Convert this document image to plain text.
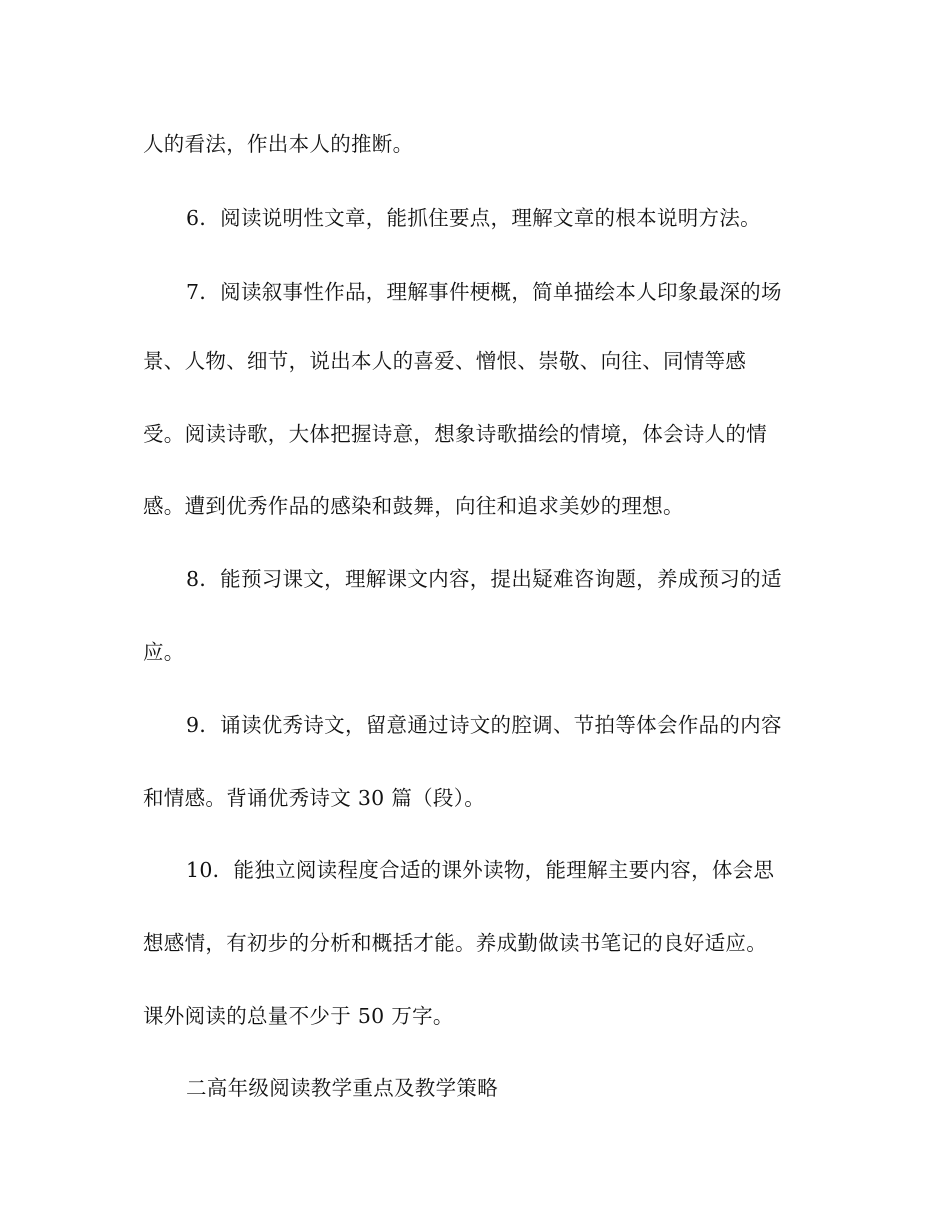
人的看法，作出本人的推断。
6．阅读说明性文章，能抓住要点，理解文章的根本说明方法。
7．阅读叙事性作品，理解事件梗概，简单描绘本人印象最深的场
景、人物、细节，说出本人的喜爱、憎恨、崇敬、向往、同情等感
受。阅读诗歌，大体把握诗意，想象诗歌描绘的情境，体会诗人的情
感。遭到优秀作品的感染和鼓舞，向往和追求美妙的理想。
8．能预习课文，理解课文内容，提出疑难咨询题，养成预习的适
应。
9．诵读优秀诗文，留意通过诗文的腔调、节拍等体会作品的内容
和情感。背诵优秀诗文 30 篇（段）。
10．能独立阅读程度合适的课外读物，能理解主要内容，体会思
想感情，有初步的分析和概括才能。养成勤做读书笔记的良好适应。
课外阅读的总量不少于 50 万字。
二高年级阅读教学重点及教学策略
